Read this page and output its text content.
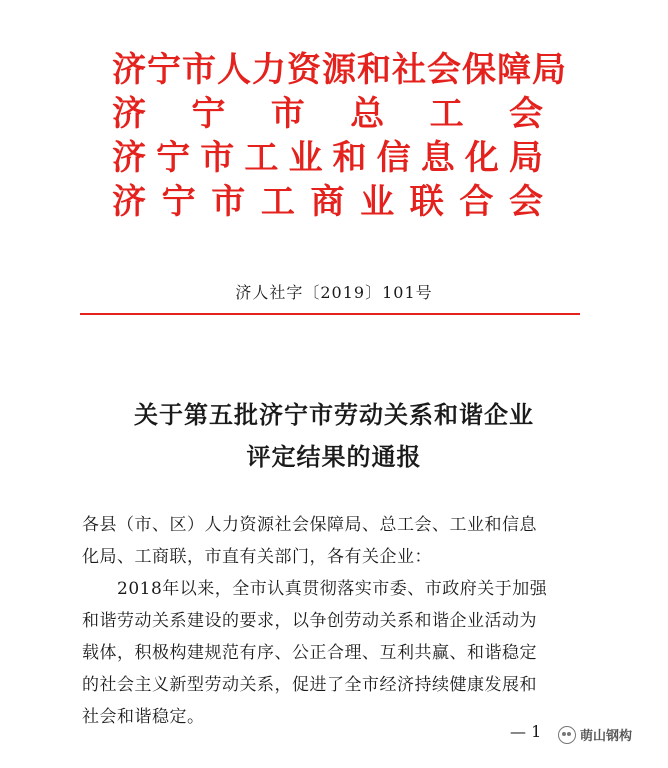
济宁市人力资源和社会保障局
济宁市总工会
济宁市工业和信息化局
济宁市工商业联合会
济人社字〔2019〕101号
关于第五批济宁市劳动关系和谐企业
评定结果的通报
各县（市、区）人力资源社会保障局、总工会、工业和信息
化局、工商联，市直有关部门，各有关企业：
　　2018年以来，全市认真贯彻落实市委、市政府关于加强
和谐劳动关系建设的要求，以争创劳动关系和谐企业活动为
载体，积极构建规范有序、公正合理、互利共赢、和谐稳定
的社会主义新型劳动关系，促进了全市经济持续健康发展和
社会和谐稳定。
— 1	萌山钢构
